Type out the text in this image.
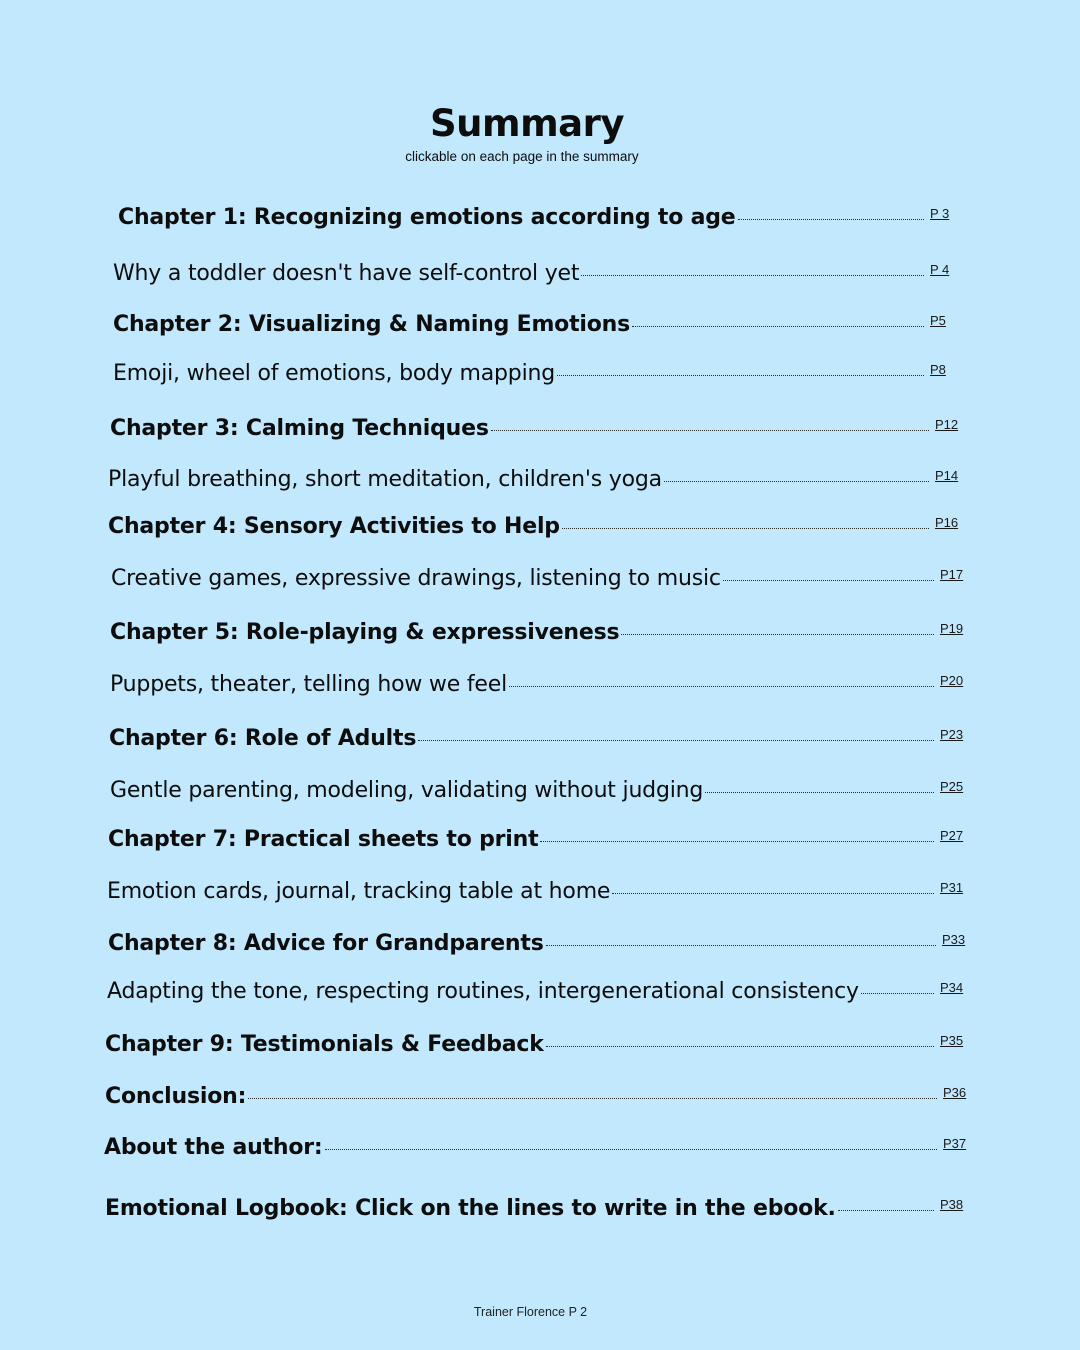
Summary
clickable on each page in the summary
Chapter 1: Recognizing emotions according to age	P 3
Why a toddler doesn't have self-control yet	P 4
Chapter 2: Visualizing & Naming Emotions	P5
Emoji, wheel of emotions, body mapping	P8
Chapter 3: Calming Techniques	P12
Playful breathing, short meditation, children's yoga	P14
Chapter 4: Sensory Activities to Help	P16
Creative games, expressive drawings, listening to music	P17
Chapter 5: Role-playing & expressiveness	P19
Puppets, theater, telling how we feel	P20
Chapter 6: Role of Adults	P23
Gentle parenting, modeling, validating without judging	P25
Chapter 7: Practical sheets to print	P27
Emotion cards, journal, tracking table at home	P31
Chapter 8: Advice for Grandparents	P33
Adapting the tone, respecting routines, intergenerational consistency	P34
Chapter 9: Testimonials & Feedback	P35
Conclusion:	P36
About the author:	P37
Emotional Logbook: Click on the lines to write in the ebook.	P38
Trainer Florence P 2
